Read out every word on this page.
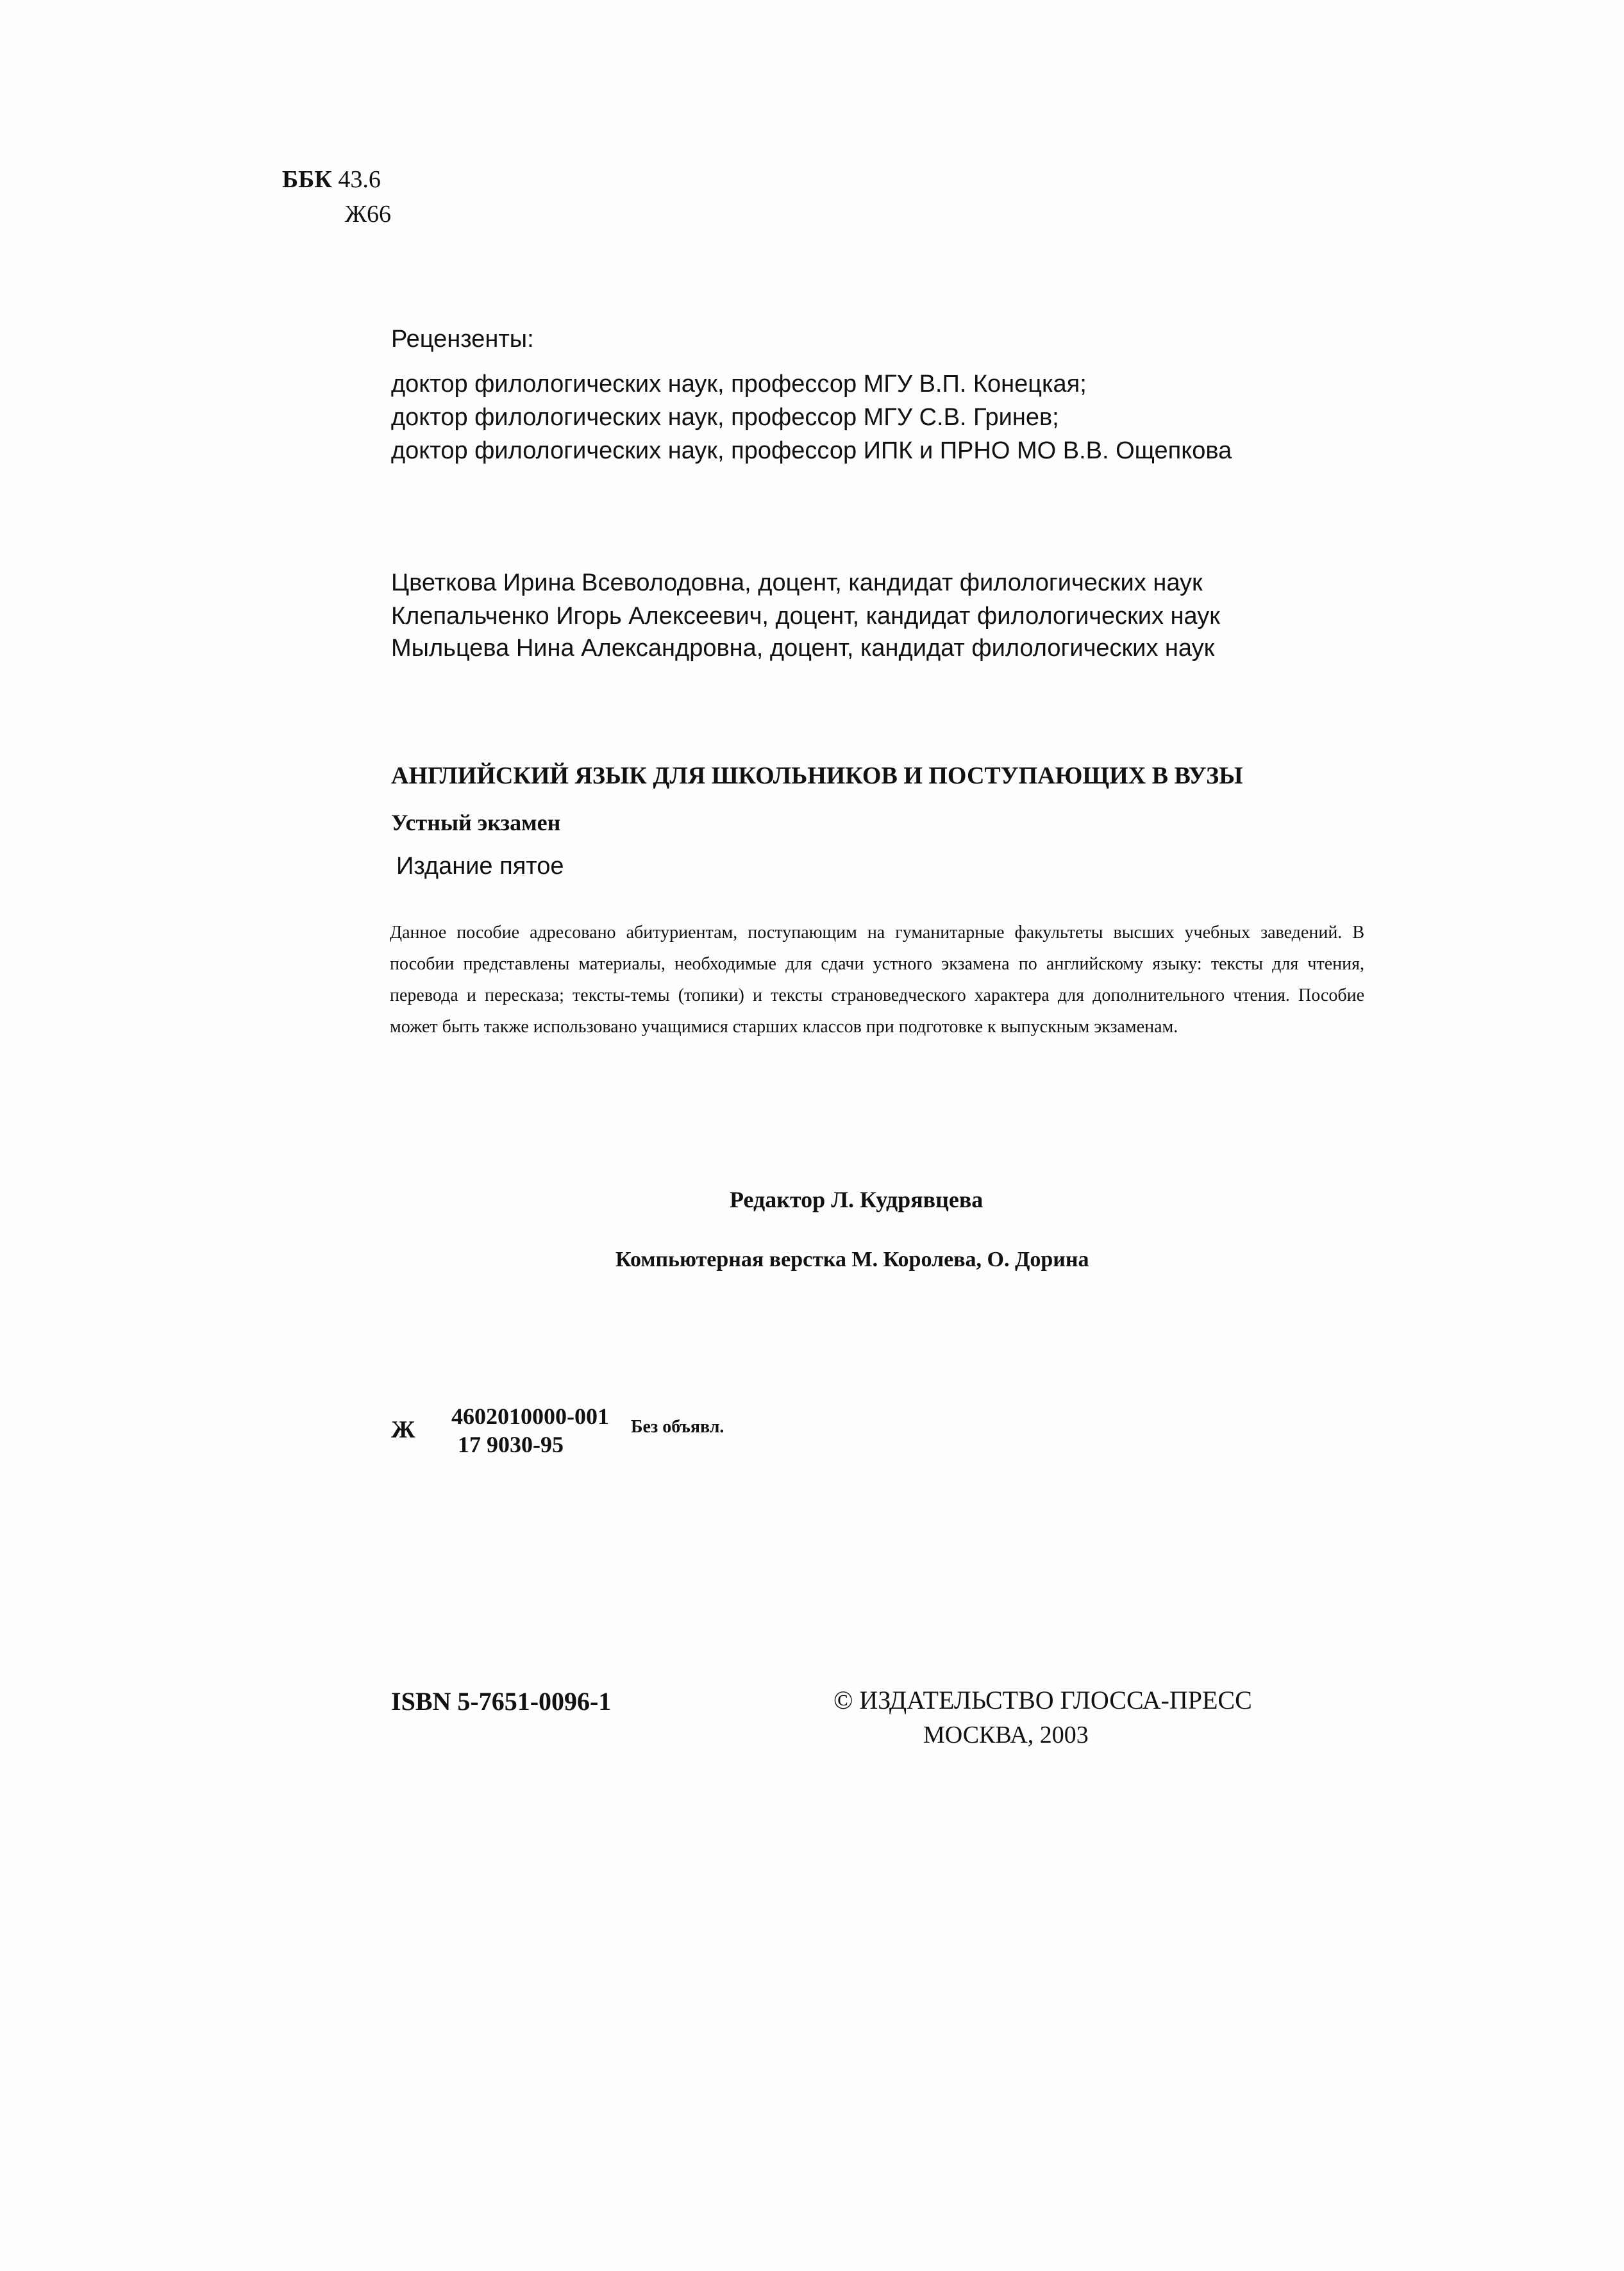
ББК 43.6
Ж66
Рецензенты:
доктор филологических наук, профессор МГУ В.П. Конецкая;
доктор филологических наук, профессор МГУ С.В. Гринев;
доктор филологических наук, профессор ИПК и ПРНО МО В.В. Ощепкова
Цветкова Ирина Всеволодовна, доцент, кандидат филологических наук
Клепальченко Игорь Алексеевич, доцент, кандидат филологических наук
Мыльцева Нина Александровна, доцент, кандидат филологических наук
АНГЛИЙСКИЙ ЯЗЫК ДЛЯ ШКОЛЬНИКОВ И ПОСТУПАЮЩИХ В ВУЗЫ
Устный экзамен
Издание пятое
Данное пособие адресовано абитуриентам, поступающим на гуманитарные факультеты высших учебных заведений. В пособии представлены материалы, необходимые для сдачи устного экзамена по английскому языку: тексты для чтения, перевода и пересказа; тексты-темы (топики) и тексты страноведческого характера для дополнительного чтения. Пособие может быть также использовано учащимися старших классов при подготовке к выпускным экзаменам.
Редактор Л. Кудрявцева
Компьютерная верстка М. Королева, О. Дорина
Ж 4602010000-001
17 9030-95
Без объявл.
ISBN 5-7651-0096-1	© ИЗДАТЕЛЬСТВО ГЛОССА-ПРЕСС
МОСКВА, 2003
